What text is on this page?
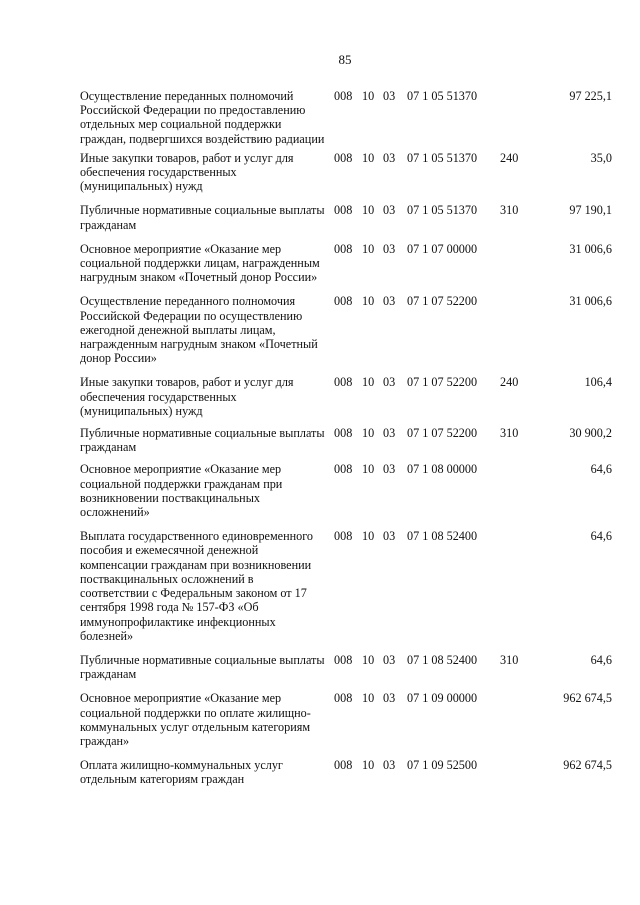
85
Осуществление переданных полномочий Российской Федерации по предоставлению отдельных мер социальной поддержки граждан, подвергшихся воздействию радиации
008 10 03 07 1 05 51370	97 225,1
Иные закупки товаров, работ и услуг для обеспечения государственных (муниципальных) нужд
008 10 03 07 1 05 51370 240	35,0
Публичные нормативные социальные выплаты гражданам
008 10 03 07 1 05 51370 310	97 190,1
Основное мероприятие «Оказание мер социальной поддержки лицам, награжденным нагрудным знаком «Почетный донор России»
008 10 03 07 1 07 00000	31 006,6
Осуществление переданного полномочия Российской Федерации по осуществлению ежегодной денежной выплаты лицам, награжденным нагрудным знаком «Почетный донор России»
008 10 03 07 1 07 52200	31 006,6
Иные закупки товаров, работ и услуг для обеспечения государственных (муниципальных) нужд
008 10 03 07 1 07 52200 240	106,4
Публичные нормативные социальные выплаты гражданам
008 10 03 07 1 07 52200 310	30 900,2
Основное мероприятие «Оказание мер социальной поддержки гражданам при возникновении поствакцинальных осложнений»
008 10 03 07 1 08 00000	64,6
Выплата государственного единовременного пособия и ежемесячной денежной компенсации гражданам при возникновении поствакцинальных осложнений в соответствии с Федеральным законом от 17 сентября 1998 года № 157-ФЗ «Об иммунопрофилактике инфекционных болезней»
008 10 03 07 1 08 52400	64,6
Публичные нормативные социальные выплаты гражданам
008 10 03 07 1 08 52400 310	64,6
Основное мероприятие «Оказание мер социальной поддержки по оплате жилищно-коммунальных услуг отдельным категориям граждан»
008 10 03 07 1 09 00000	962 674,5
Оплата жилищно-коммунальных услуг отдельным категориям граждан
008 10 03 07 1 09 52500	962 674,5
